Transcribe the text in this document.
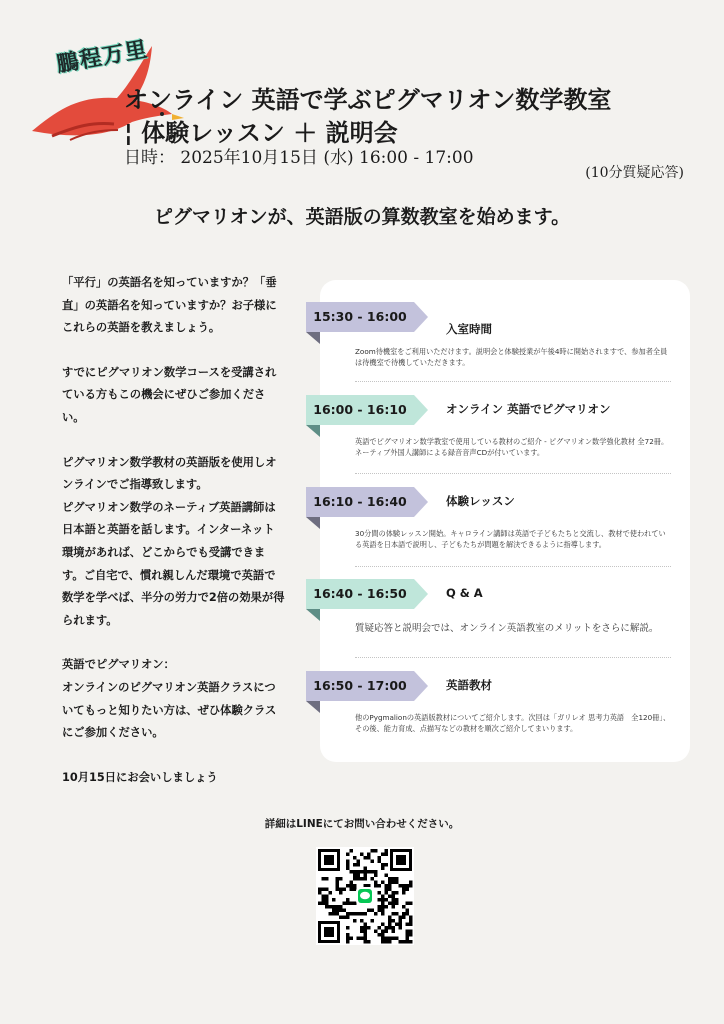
鵬程万里
オンライン 英語で学ぶピグマリオン数学教室
¦ 体験レッスン ＋ 説明会
日時： 2025年10月15日 (水) 16:00 - 17:00
(10分質疑応答)
ピグマリオンが、英語版の算数教室を始めます。

「平行」の英語名を知っていますか？「垂直」の英語名を知っていますか？お子様にこれらの英語を教えましょう。

すでにピグマリオン数学コースを受講されている方もこの機会にぜひご参加ください。

ピグマリオン数学教材の英語版を使用しオンラインでご指導致します。

ピグマリオン数学のネーティブ英語講師は日本語と英語を話します。インターネット環境があれば、どこからでも受講できます。ご自宅で、慣れ親しんだ環境で英語で数学を学べば、半分の労力で2倍の効果が得られます。

英語でピグマリオン：

オンラインのピグマリオン英語クラスについてもっと知りたい方は、ぜひ体験クラスにご参加ください。

10月15日にお会いしましょう

15:30 - 16:00
入室時間
Zoom待機室をご利用いただけます。説明会と体験授業が午後4時に開始されますで、参加者全員は待機室で待機していただきます。
16:00 - 16:10	オンライン 英語でピグマリオン
英語でピグマリオン数学教室で使用している教材のご紹介 - ピグマリオン数学強化教材 全72冊。ネーティブ外国人講師による録音音声CDが付いています。
16:10 - 16:40	体験レッスン
30分間の体験レッスン開始。キャロライン講師は英語で子どもたちと交流し、教材で使われている英語を日本語で説明し、子どもたちが問題を解決できるように指導します。
16:40 - 16:50	Q & A
質疑応答と説明会では、オンライン英語教室のメリットをさらに解説。
16:50 - 17:00	英語教材
他のPygmalionの英語版教材についてご紹介します。次回は「ガリレオ 思考力英語　全120冊」、その後、能力育成、点描写などの教材を順次ご紹介してまいります。
詳細はLINEにてお問い合わせください。
